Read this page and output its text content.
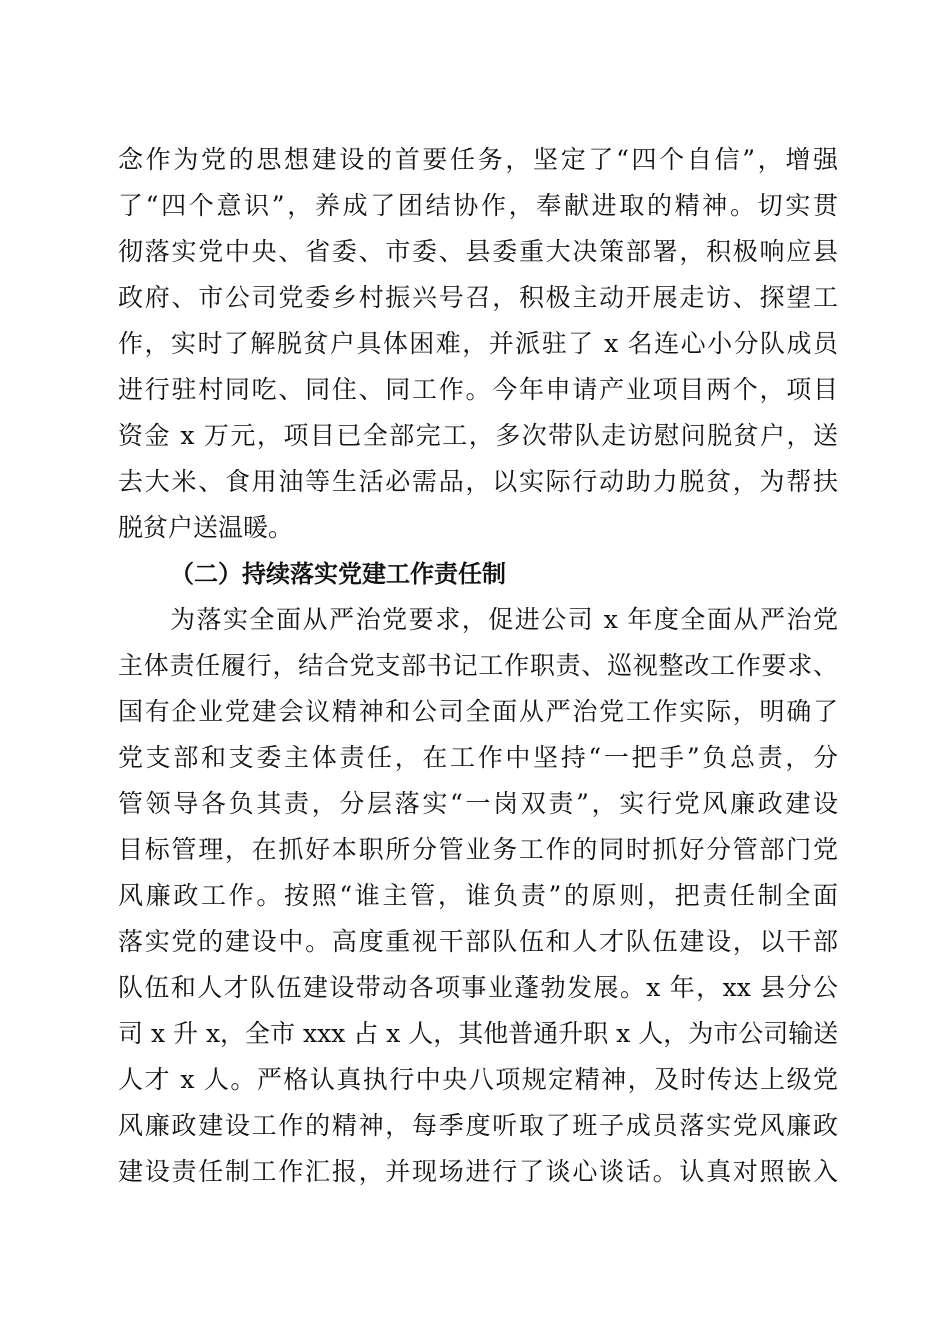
念作为党的思想建设的首要任务，坚定了“四个自信”，增强
了“四个意识”，养成了团结协作，奉献进取的精神。切实贯
彻落实党中央、省委、市委、县委重大决策部署，积极响应县
政府、市公司党委乡村振兴号召，积极主动开展走访、探望工
作，实时了解脱贫户具体困难，并派驻了 x 名连心小分队成员
进行驻村同吃、同住、同工作。今年申请产业项目两个，项目
资金 x 万元，项目已全部完工，多次带队走访慰问脱贫户，送
去大米、食用油等生活必需品，以实际行动助力脱贫，为帮扶
脱贫户送温暖。
（二）持续落实党建工作责任制
为落实全面从严治党要求，促进公司 x 年度全面从严治党
主体责任履行，结合党支部书记工作职责、巡视整改工作要求、
国有企业党建会议精神和公司全面从严治党工作实际，明确了
党支部和支委主体责任，在工作中坚持“一把手”负总责，分
管领导各负其责，分层落实“一岗双责”，实行党风廉政建设
目标管理，在抓好本职所分管业务工作的同时抓好分管部门党
风廉政工作。按照“谁主管，谁负责”的原则，把责任制全面
落实党的建设中。高度重视干部队伍和人才队伍建设，以干部
队伍和人才队伍建设带动各项事业蓬勃发展。x 年，xx 县分公
司 x 升 x，全市 xxx 占 x 人，其他普通升职 x 人，为市公司输送
人才 x 人。严格认真执行中央八项规定精神，及时传达上级党
风廉政建设工作的精神，每季度听取了班子成员落实党风廉政
建设责任制工作汇报，并现场进行了谈心谈话。认真对照嵌入
